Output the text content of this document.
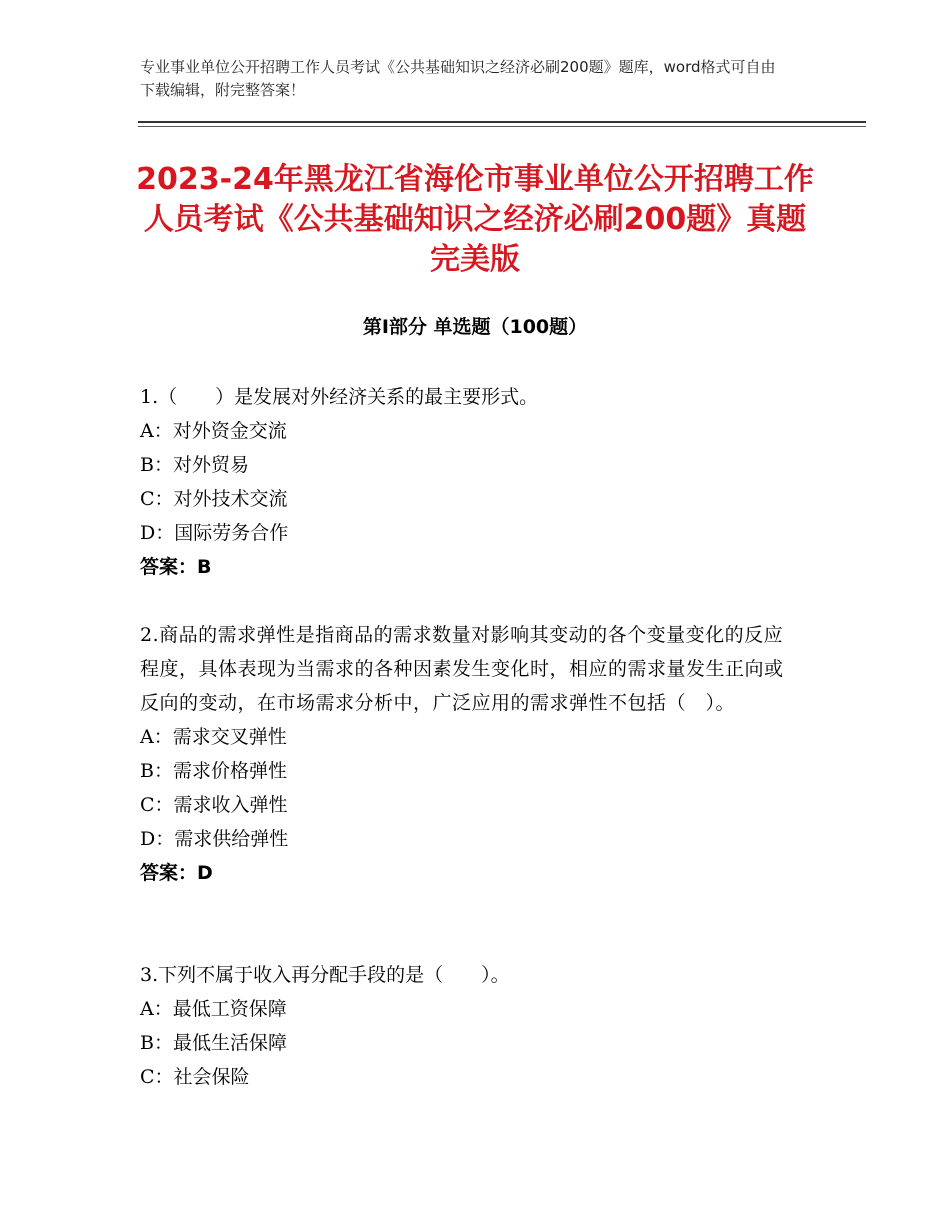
专业事业单位公开招聘工作人员考试《公共基础知识之经济必刷200题》题库，word格式可自由下载编辑，附完整答案！
2023-24年黑龙江省海伦市事业单位公开招聘工作人员考试《公共基础知识之经济必刷200题》真题完美版
第Ⅰ部分 单选题（100题）
1.（　　）是发展对外经济关系的最主要形式。
A：对外资金交流
B：对外贸易
C：对外技术交流
D：国际劳务合作
答案：B
2.商品的需求弹性是指商品的需求数量对影响其变动的各个变量变化的反应程度，具体表现为当需求的各种因素发生变化时，相应的需求量发生正向或反向的变动，在市场需求分析中，广泛应用的需求弹性不包括（　）。
A：需求交叉弹性
B：需求价格弹性
C：需求收入弹性
D：需求供给弹性
答案：D
3.下列不属于收入再分配手段的是（　　）。
A：最低工资保障
B：最低生活保障
C：社会保险
